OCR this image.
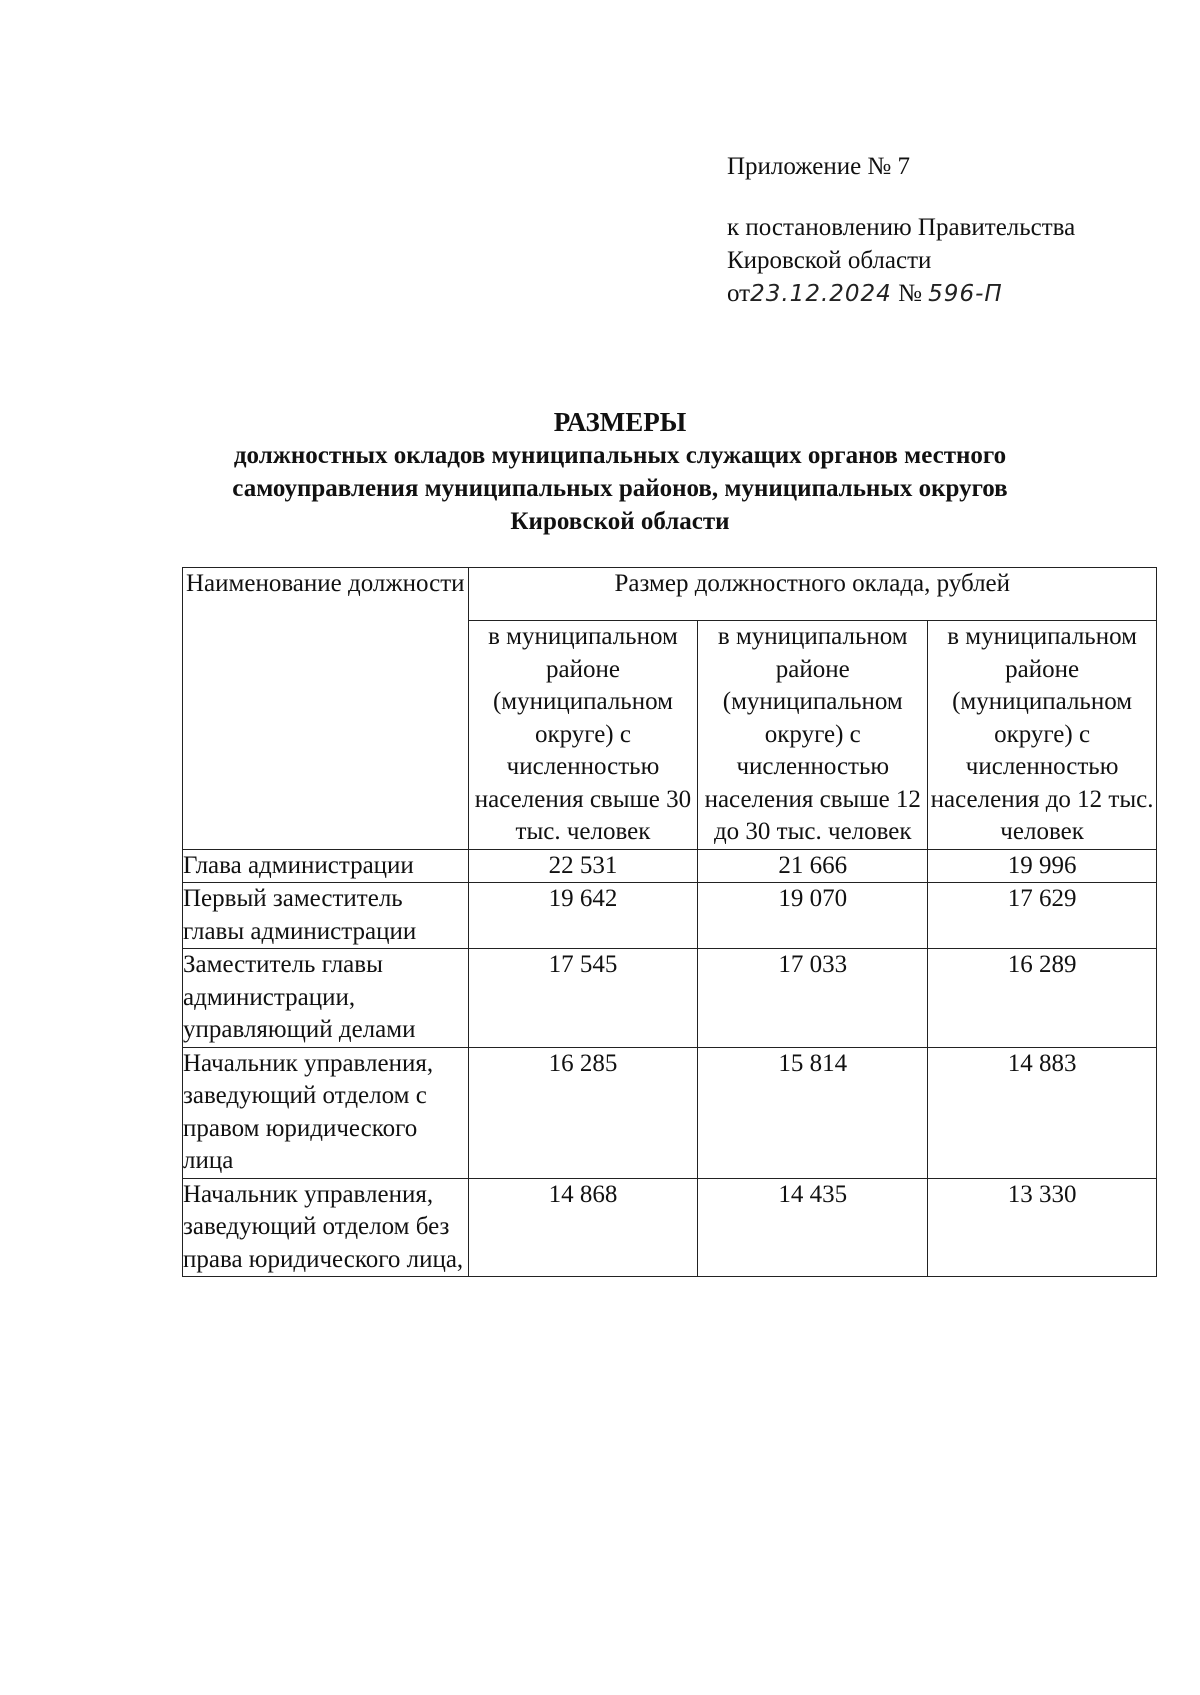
Приложение № 7
к постановлению Правительства
Кировской области
от23.12.2024 № 596-П
РАЗМЕРЫ
должностных окладов муниципальных служащих органов местного
самоуправления муниципальных районов, муниципальных округов
Кировской области
Наименование должности	Размер должностного оклада, рублей		
	в муниципальном районе (муниципальном округе) с численностью населения свыше 30 тыс. человек	в муниципальном районе (муниципальном округе) с численностью населения свыше 12 до 30 тыс. человек	в муниципальном районе (муниципальном округе) с численностью населения до 12 тыс. человек
Глава администрации	22 531	21 666	19 996
Первый заместитель главы администрации	19 642	19 070	17 629
Заместитель главы администрации, управляющий делами	17 545	17 033	16 289
Начальник управления, заведующий отделом с правом юридического лица	16 285	15 814	14 883
Начальник управления, заведующий отделом без права юридического лица,	14 868	14 435	13 330
